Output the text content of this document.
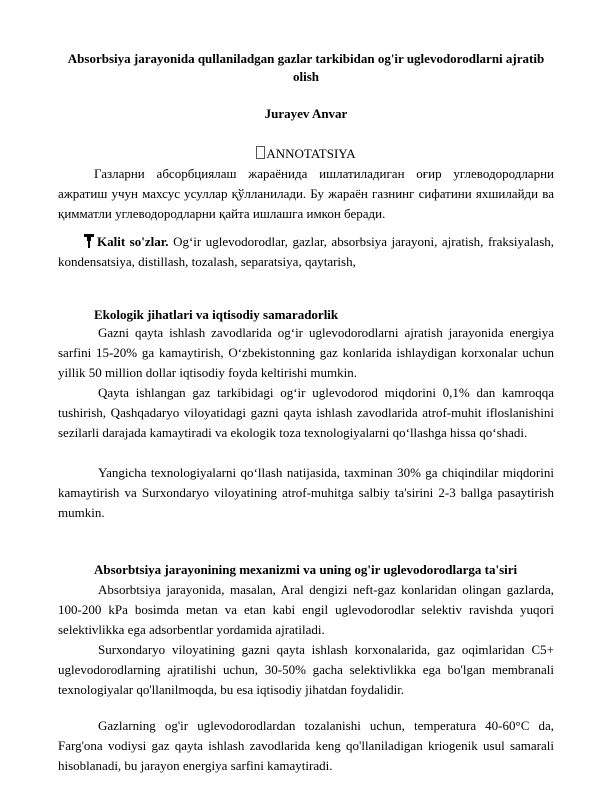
Absorbsiya jarayonida qullaniladgan gazlar tarkibidan og'ir uglevodorodlarni ajratib olish
Jurayev Anvar
ANNOTATSIYA

Газларни абсорбциялаш жараёнида ишлатиладиган оғир углеводородларни ажратиш учун махсус усуллар қўлланилади. Бу жараён газнинг сифатини яхшилайди ва қимматли углеводородларни қайта ишлашга имкон беради.

Kalit so'zlar. Og‘ir uglevodorodlar, gazlar, absorbsiya jarayoni, ajratish, fraksiyalash, kondensatsiya, distillash, tozalash, separatsiya, qaytarish,

Ekologik jihatlari va iqtisodiy samaradorlik

Gazni qayta ishlash zavodlarida og‘ir uglevodorodlarni ajratish jarayonida energiya sarfini 15-20% ga kamaytirish, O‘zbekistonning gaz konlarida ishlaydigan korxonalar uchun yillik 50 million dollar iqtisodiy foyda keltirishi mumkin.

Qayta ishlangan gaz tarkibidagi og‘ir uglevodorod miqdorini 0,1% dan kamroqqa tushirish, Qashqadaryo viloyatidagi gazni qayta ishlash zavodlarida atrof-muhit ifloslanishini sezilarli darajada kamaytiradi va ekologik toza texnologiyalarni qo‘llashga hissa qo‘shadi.

Yangicha texnologiyalarni qo‘llash natijasida, taxminan 30% ga chiqindilar miqdorini kamaytirish va Surxondaryo viloyatining atrof-muhitga salbiy ta'sirini 2-3 ballga pasaytirish mumkin.

Absorbtsiya jarayonining mexanizmi va uning og'ir uglevodorodlarga ta'siri

Absorbtsiya jarayonida, masalan, Aral dengizi neft-gaz konlaridan olingan gazlarda, 100-200 kPa bosimda metan va etan kabi engil uglevodorodlar selektiv ravishda yuqori selektivlikka ega adsorbentlar yordamida ajratiladi.

Surxondaryo viloyatining gazni qayta ishlash korxonalarida, gaz oqimlaridan C5+ uglevodorodlarning ajratilishi uchun, 30-50% gacha selektivlikka ega bo'lgan membranali texnologiyalar qo'llanilmoqda, bu esa iqtisodiy jihatdan foydalidir.

Gazlarning og'ir uglevodorodlardan tozalanishi uchun, temperatura 40-60°C da, Farg'ona vodiysi gaz qayta ishlash zavodlarida keng qo'llaniladigan kriogenik usul samarali hisoblanadi, bu jarayon energiya sarfini kamaytiradi.
